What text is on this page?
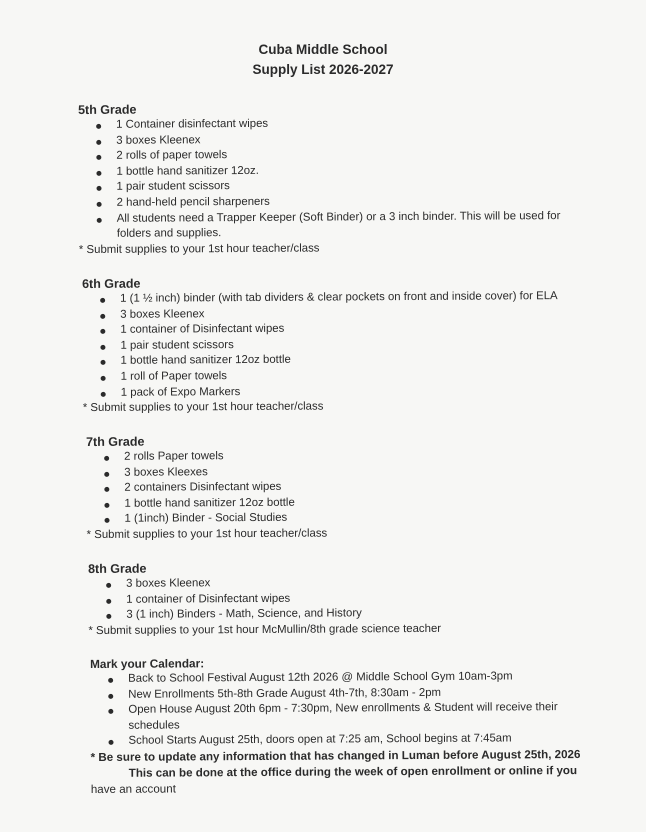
Cuba Middle School
Supply List 2026-2027
5th Grade
1 Container disinfectant wipes
3 boxes Kleenex
2 rolls of paper towels
1 bottle hand sanitizer 12oz.
1 pair student scissors
2 hand-held pencil sharpeners
All students need a Trapper Keeper (Soft Binder) or a 3 inch binder. This will be used for
folders and supplies.
* Submit supplies to your 1st hour teacher/class
6th Grade
1 (1 ½ inch) binder (with tab dividers & clear pockets on front and inside cover) for ELA
3 boxes Kleenex
1 container of Disinfectant wipes
1 pair student scissors
1 bottle hand sanitizer 12oz bottle
1 roll of Paper towels
1 pack of Expo Markers
* Submit supplies to your 1st hour teacher/class
7th Grade
2 rolls Paper towels
3 boxes Kleexes
2 containers Disinfectant wipes
1 bottle hand sanitizer 12oz bottle
1 (1inch) Binder - Social Studies
* Submit supplies to your 1st hour teacher/class
8th Grade
3 boxes Kleenex
1 container of Disinfectant wipes
3 (1 inch) Binders - Math, Science, and History
* Submit supplies to your 1st hour McMullin/8th grade science teacher
Mark your Calendar:
Back to School Festival August 12th 2026 @ Middle School Gym 10am-3pm
New Enrollments 5th-8th Grade August 4th-7th, 8:30am - 2pm
Open House August 20th 6pm - 7:30pm, New enrollments & Student will receive their
schedules
School Starts August 25th, doors open at 7:25 am, School begins at 7:45am
* Be sure to update any information that has changed in Luman before August 25th, 2026
This can be done at the office during the week of open enrollment or online if you
have an account
